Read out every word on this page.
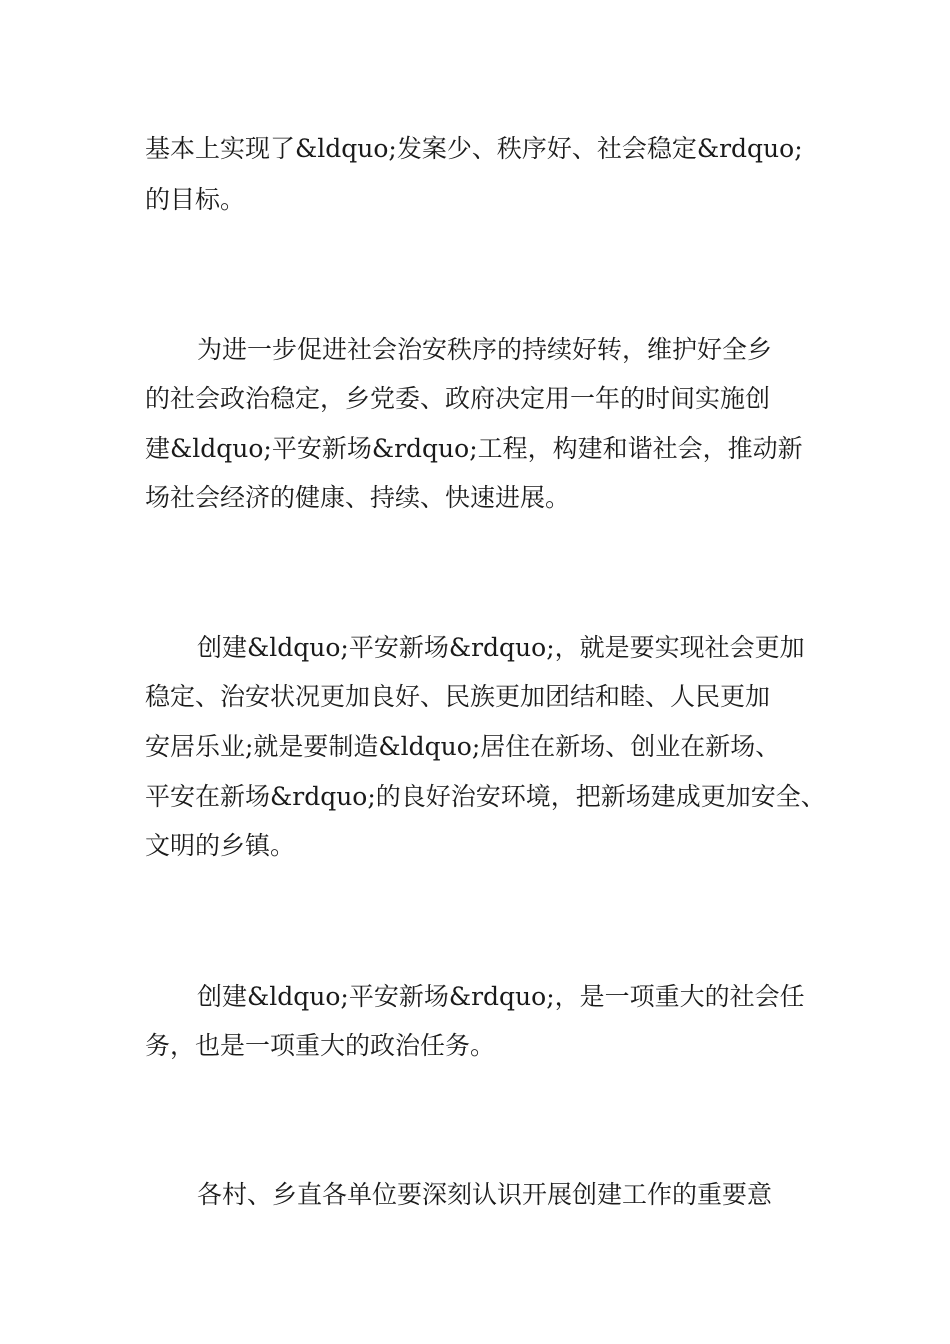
基本上实现了&ldquo;发案少、秩序好、社会稳定&rdquo;

的目标。

为进一步促进社会治安秩序的持续好转，维护好全乡

的社会政治稳定，乡党委、政府决定用一年的时间实施创

建&ldquo;平安新场&rdquo;工程，构建和谐社会，推动新

场社会经济的健康、持续、快速进展。

创建&ldquo;平安新场&rdquo;，就是要实现社会更加

稳定、治安状况更加良好、民族更加团结和睦、人民更加

安居乐业;就是要制造&ldquo;居住在新场、创业在新场、

平安在新场&rdquo;的良好治安环境，把新场建成更加安全、

文明的乡镇。

创建&ldquo;平安新场&rdquo;，是一项重大的社会任

务，也是一项重大的政治任务。

各村、乡直各单位要深刻认识开展创建工作的重要意
